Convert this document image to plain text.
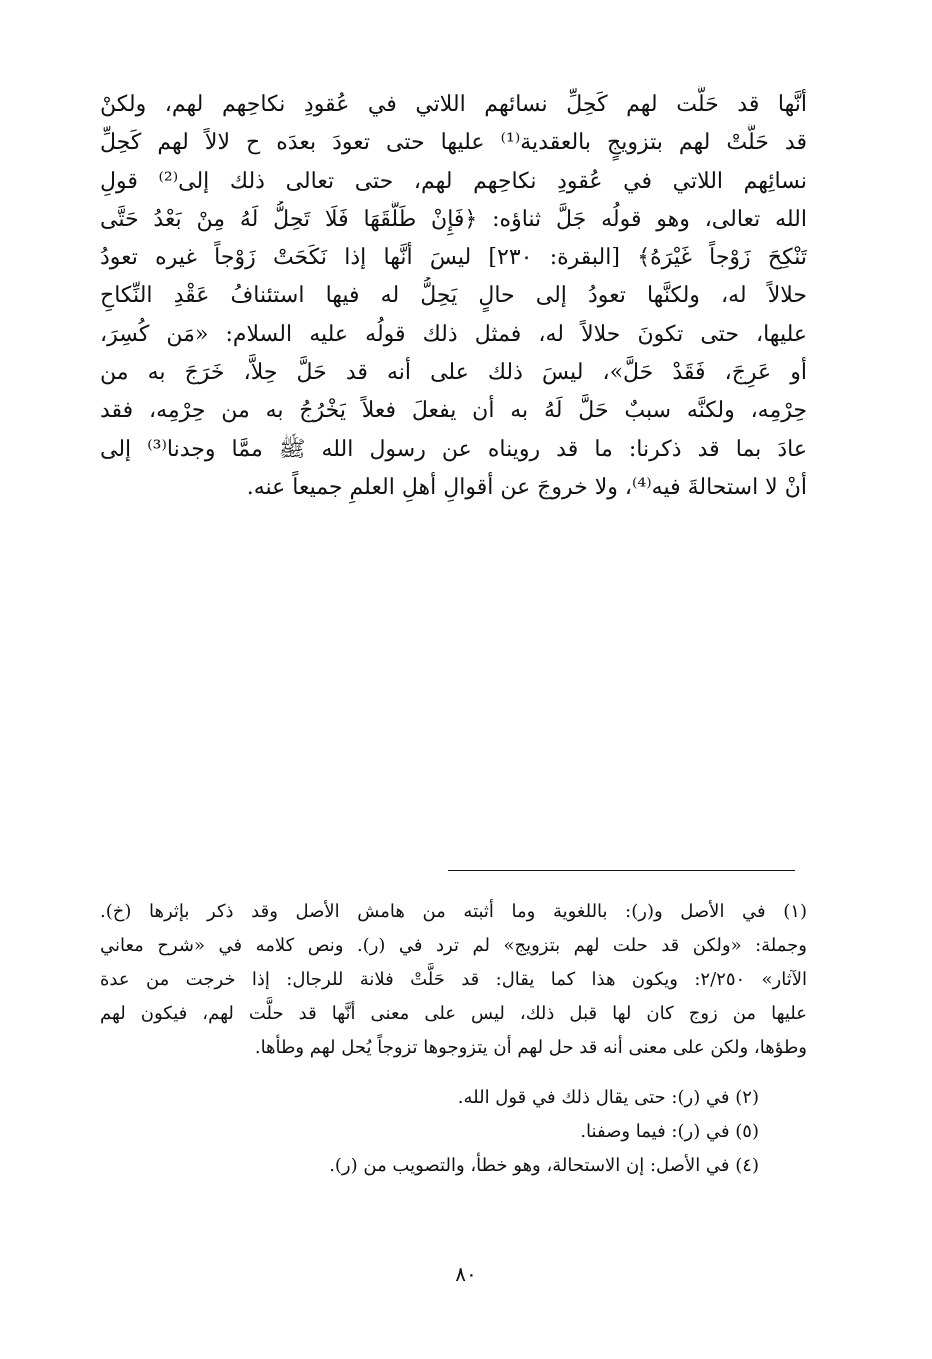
أنَّها قد حَلَّت لهم كَحِلِّ نسائهم اللاتي في عُقودِ نكاحِهم لهم، ولكنْ
قد حَلَّتْ لهم بتزويجٍ بالعقدية⁽¹⁾ عليها حتى تعودَ بعدَه ح لالاً لهم كَحِلِّ
نسائِهم اللاتي في عُقودِ نكاحِهم لهم، حتى تعالى ذلك إلى⁽²⁾ قولِ
الله تعالى، وهو قولُه جَلَّ ثناؤه: ﴿فَإِنْ طَلَّقَهَا فَلَا تَحِلُّ لَهُ مِنْ بَعْدُ حَتَّى
تَنْكِحَ زَوْجاً غَيْرَهُ﴾ [البقرة: ٢٣٠] ليسَ أنَّها إذا نَكَحَتْ زَوْجاً غيره تعودُ
حلالاً له، ولكنَّها تعودُ إلى حالٍ يَحِلُّ له فيها استئنافُ عَقْدِ النِّكاحِ
عليها، حتى تكونَ حلالاً له، فمثل ذلك قولُه عليه السلام: «مَن كُسِرَ،
أو عَرِجَ، فَقَدْ حَلَّ»، ليسَ ذلك على أنه قد حَلَّ حِلاًّ، خَرَجَ به من
حِرْمِه، ولكنَّه سببٌ حَلَّ لَهُ به أن يفعلَ فعلاً يَخْرُجُ به من حِرْمِه، فقد
عادَ بما قد ذكرنا: ما قد رويناه عن رسول الله ﷺ ممَّا وجدنا⁽³⁾ إلى
أنْ لا استحالةَ فيه⁽⁴⁾، ولا خروجَ عن أقوالِ أهلِ العلمِ جميعاً عنه.
(١) في الأصل و(ر): باللغوية وما أثبته من هامش الأصل وقد ذكر بإثرها (خ).
وجملة: «ولكن قد حلت لهم بتزويج» لم ترد في (ر). ونص كلامه في «شرح معاني
الآثار» ٢/٢٥٠: ويكون هذا كما يقال: قد حَلَّتْ فلانة للرجال: إذا خرجت من عدة
عليها من زوج كان لها قبل ذلك، ليس على معنى أنَّها قد حلَّت لهم، فيكون لهم
وطؤها، ولكن على معنى أنه قد حل لهم أن يتزوجوها تزوجاً يُحل لهم وطأها.
(٢) في (ر): حتى يقال ذلك في قول الله.
(٥) في (ر): فيما وصفنا.
(٤) في الأصل: إن الاستحالة، وهو خطأ، والتصويب من (ر).
٨٠
